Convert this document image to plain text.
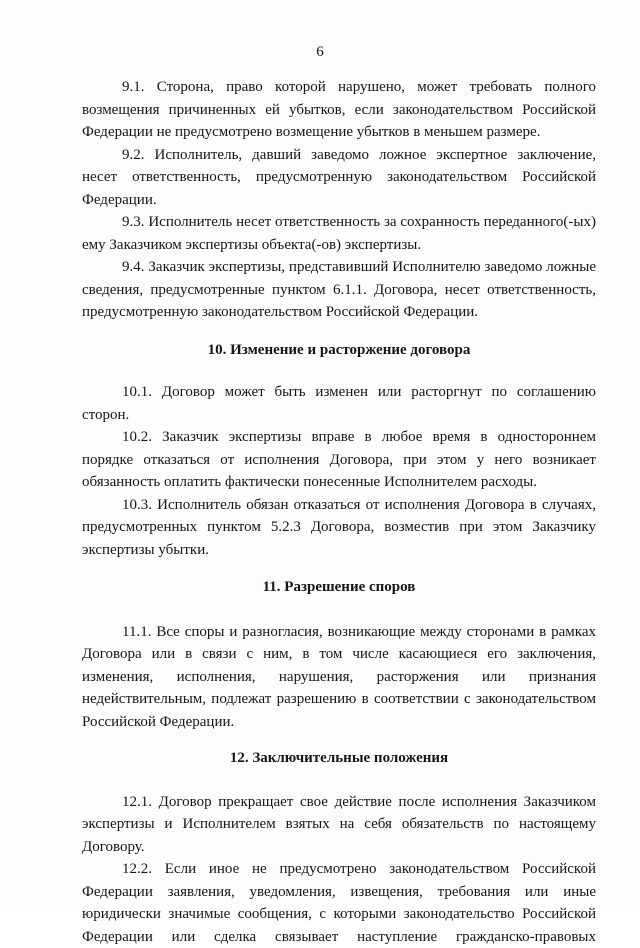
6

9.1. Сторона, право которой нарушено, может требовать полного возмещения причиненных ей убытков, если законодательством Российской Федерации не предусмотрено возмещение убытков в меньшем размере.

9.2. Исполнитель, давший заведомо ложное экспертное заключение, несет ответственность, предусмотренную законодательством Российской Федерации.

9.3. Исполнитель несет ответственность за сохранность переданного(-ых) ему Заказчиком экспертизы объекта(-ов) экспертизы.

9.4. Заказчик экспертизы, представивший Исполнителю заведомо ложные сведения, предусмотренные пунктом 6.1.1. Договора, несет ответственность, предусмотренную законодательством Российской Федерации.

10. Изменение и расторжение договора

10.1. Договор может быть изменен или расторгнут по соглашению сторон.

10.2. Заказчик экспертизы вправе в любое время в одностороннем порядке отказаться от исполнения Договора, при этом у него возникает обязанность оплатить фактически понесенные Исполнителем расходы.

10.3. Исполнитель обязан отказаться от исполнения Договора в случаях, предусмотренных пунктом 5.2.3 Договора, возместив при этом Заказчику экспертизы убытки.

11. Разрешение споров

11.1. Все споры и разногласия, возникающие между сторонами в рамках Договора или в связи с ним, в том числе касающиеся его заключения, изменения, исполнения, нарушения, расторжения или признания недействительным, подлежат разрешению в соответствии с законодательством Российской Федерации.

12. Заключительные положения

12.1. Договор прекращает свое действие после исполнения Заказчиком экспертизы и Исполнителем взятых на себя обязательств по настоящему Договору.

12.2. Если иное не предусмотрено законодательством Российской Федерации заявления, уведомления, извещения, требования или иные юридически значимые сообщения, с которыми законодательство Российской Федерации или сделка связывает наступление гражданско-правовых
